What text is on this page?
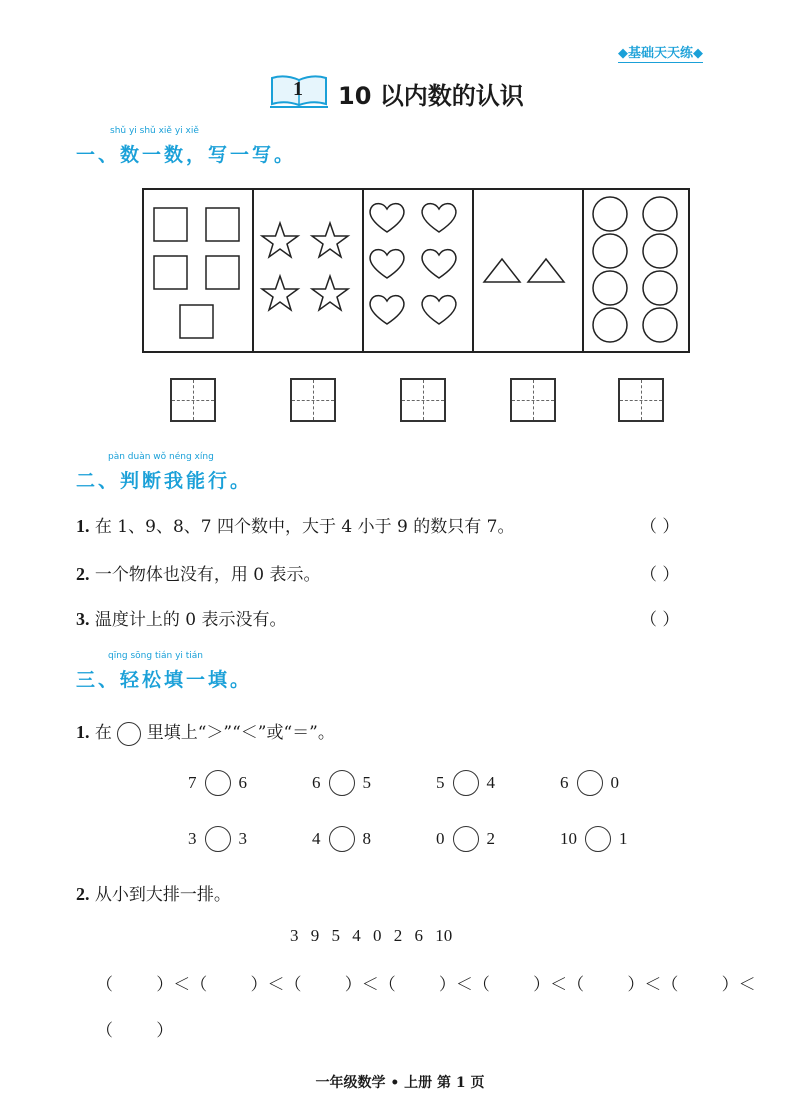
◆基础天天练◆
1 10 以内数的认识
shǔ yi shǔ xiě yi xiě
一、数一数，写一写。
pàn duàn wǒ néng xíng
二、判断我能行。
1. 在 1、9、8、7 四个数中，大于 4 小于 9 的数只有 7。	（ ）
2. 一个物体也没有，用 0 表示。	（ ）
3. 温度计上的 0 表示没有。	（ ）
qīng sōng tián yi tián
三、轻松填一填。
1. 在 里填上“＞”“＜”或“＝”。
7 6	6 5	5 4	6 0
3 3	4 8	0 2	10 1
2. 从小到大排一排。
3 9 5 4 0 2 6 10
（        ）＜（        ）＜（        ）＜（        ）＜（        ）＜（        ）＜（        ）＜
（        ）
一年级数学 • 上册 第 1 页
